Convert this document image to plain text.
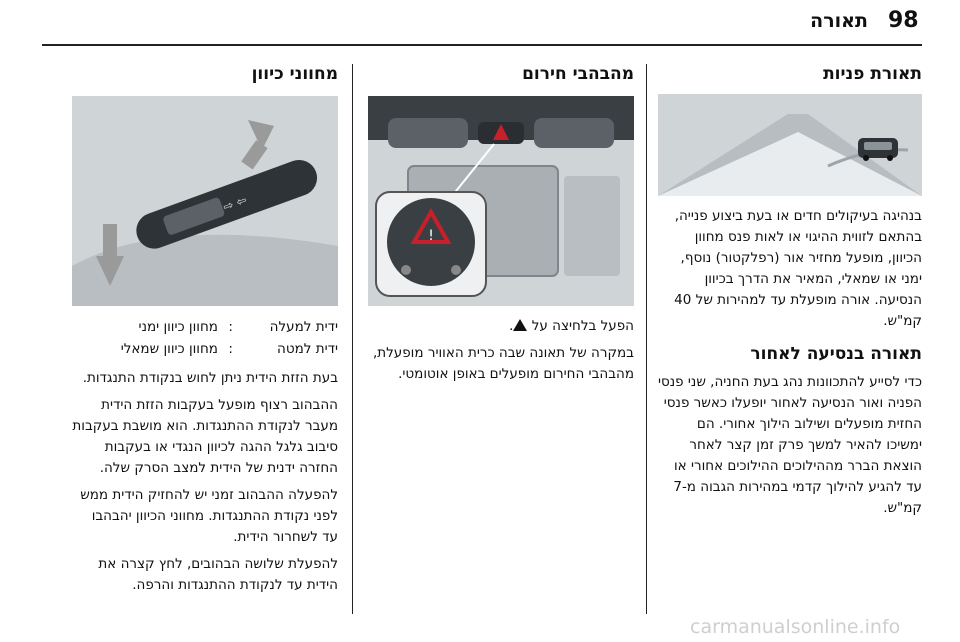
98
תאורה
תאורת פניות

בנהיגה בעיקולים חדים או בעת ביצוע פנייה, בהתאם לזווית ההיגוי או לאות פנס מחוון הכיוון, מופעל מחזיר אור (רפלקטור) נוסף, ימני או שמאלי, המאיר את הדרך בכיוון הנסיעה. אורה מופעלת עד למהירות של 40 קמ"ש.

תאורה בנסיעה לאחור

כדי לסייע להתכוונות נהג בעת החניה, שני פנסי הפניה ואור הנסיעה לאחור יופעלו כאשר פנסי החזית מופעלים ושילוב הילוך אחורי. הם ימשיכו להאיר למשך פרק זמן קצר לאחר הוצאת הברר מההילוכים ההילוכים אחורי או עד להגיע להילוך קדמי במהירות הגבוה מ-7 קמ"ש.

מהבהבי חירום
!

הפעל בלחיצה על .

במקרה של תאונה שבה כרית האוויר מופעלת, מהבהבי החירום מופעלים באופן אוטומטי.

מחווני כיוון
⇦ ⇨
ידית למעלה	:	מחוון כיוון ימני
ידית למטה	:	מחוון כיוון שמאלי

בעת הזזת הידית ניתן לחוש בנקודת התנגדות.

ההבהוב רצוף מופעל בעקבות הזזת הידית מעבר לנקודת ההתנגדות. הוא מושבת בעקבות סיבוב גלגל ההגה לכיוון הנגדי או בעקבות החזרה ידנית של הידית למצב הסרק שלה.

להפעלה ההבהוב זמני יש להחזיק הידית ממש לפני נקודת ההתנגדות. מחווני הכיוון יהבהבו עד לשחרור הידית.

להפעלת שלושה הבהובים, לחץ קצרה את הידית עד לנקודת ההתנגדות והרפה.

carmanualsonline.info
